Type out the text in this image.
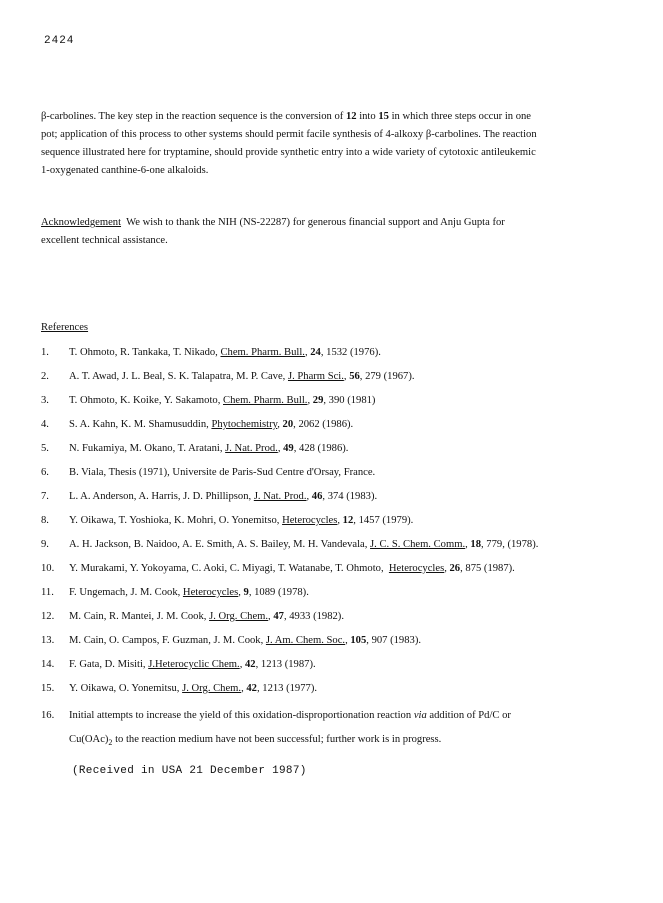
2424
β-carbolines. The key step in the reaction sequence is the conversion of 12 into 15 in which three steps occur in one
pot; application of this process to other systems should permit facile synthesis of 4-alkoxy β-carbolines. The reaction
sequence illustrated here for tryptamine, should provide synthetic entry into a wide variety of cytotoxic antileukemic
1-oxygenated canthine-6-one alkaloids.
Acknowledgement  We wish to thank the NIH (NS-22287) for generous financial support and Anju Gupta for
excellent technical assistance.
References
1.	T. Ohmoto, R. Tankaka, T. Nikado, Chem. Pharm. Bull., 24, 1532 (1976).
2.	A. T. Awad, J. L. Beal, S. K. Talapatra, M. P. Cave, J. Pharm Sci., 56, 279 (1967).
3.	T. Ohmoto, K. Koike, Y. Sakamoto, Chem. Pharm. Bull., 29, 390 (1981)
4.	S. A. Kahn, K. M. Shamusuddin, Phytochemistry, 20, 2062 (1986).
5.	N. Fukamiya, M. Okano, T. Aratani, J. Nat. Prod., 49, 428 (1986).
6.	B. Viala, Thesis (1971), Universite de Paris-Sud Centre d'Orsay, France.
7.	L. A. Anderson, A. Harris, J. D. Phillipson, J. Nat. Prod., 46, 374 (1983).
8.	Y. Oikawa, T. Yoshioka, K. Mohri, O. Yonemitso, Heterocycles, 12, 1457 (1979).
9.	A. H. Jackson, B. Naidoo, A. E. Smith, A. S. Bailey, M. H. Vandevala, J. C. S. Chem. Comm., 18, 779, (1978).
10.	Y. Murakami, Y. Yokoyama, C. Aoki, C. Miyagi, T. Watanabe, T. Ohmoto,  Heterocycles, 26, 875 (1987).
11.	F. Ungemach, J. M. Cook, Heterocycles, 9, 1089 (1978).
12.	M. Cain, R. Mantei, J. M. Cook, J. Org. Chem., 47, 4933 (1982).
13.	M. Cain, O. Campos, F. Guzman, J. M. Cook, J. Am. Chem. Soc., 105, 907 (1983).
14.	F. Gata, D. Misiti, J.Heterocyclic Chem., 42, 1213 (1987).
15.	Y. Oikawa, O. Yonemitsu, J. Org. Chem., 42, 1213 (1977).
16.	Initial attempts to increase the yield of this oxidation-disproportionation reaction via addition of Pd/C or
$Cu(OAc)_2$ to the reaction medium have not been successful; further work is in progress.
(Received in USA 21 December 1987)
